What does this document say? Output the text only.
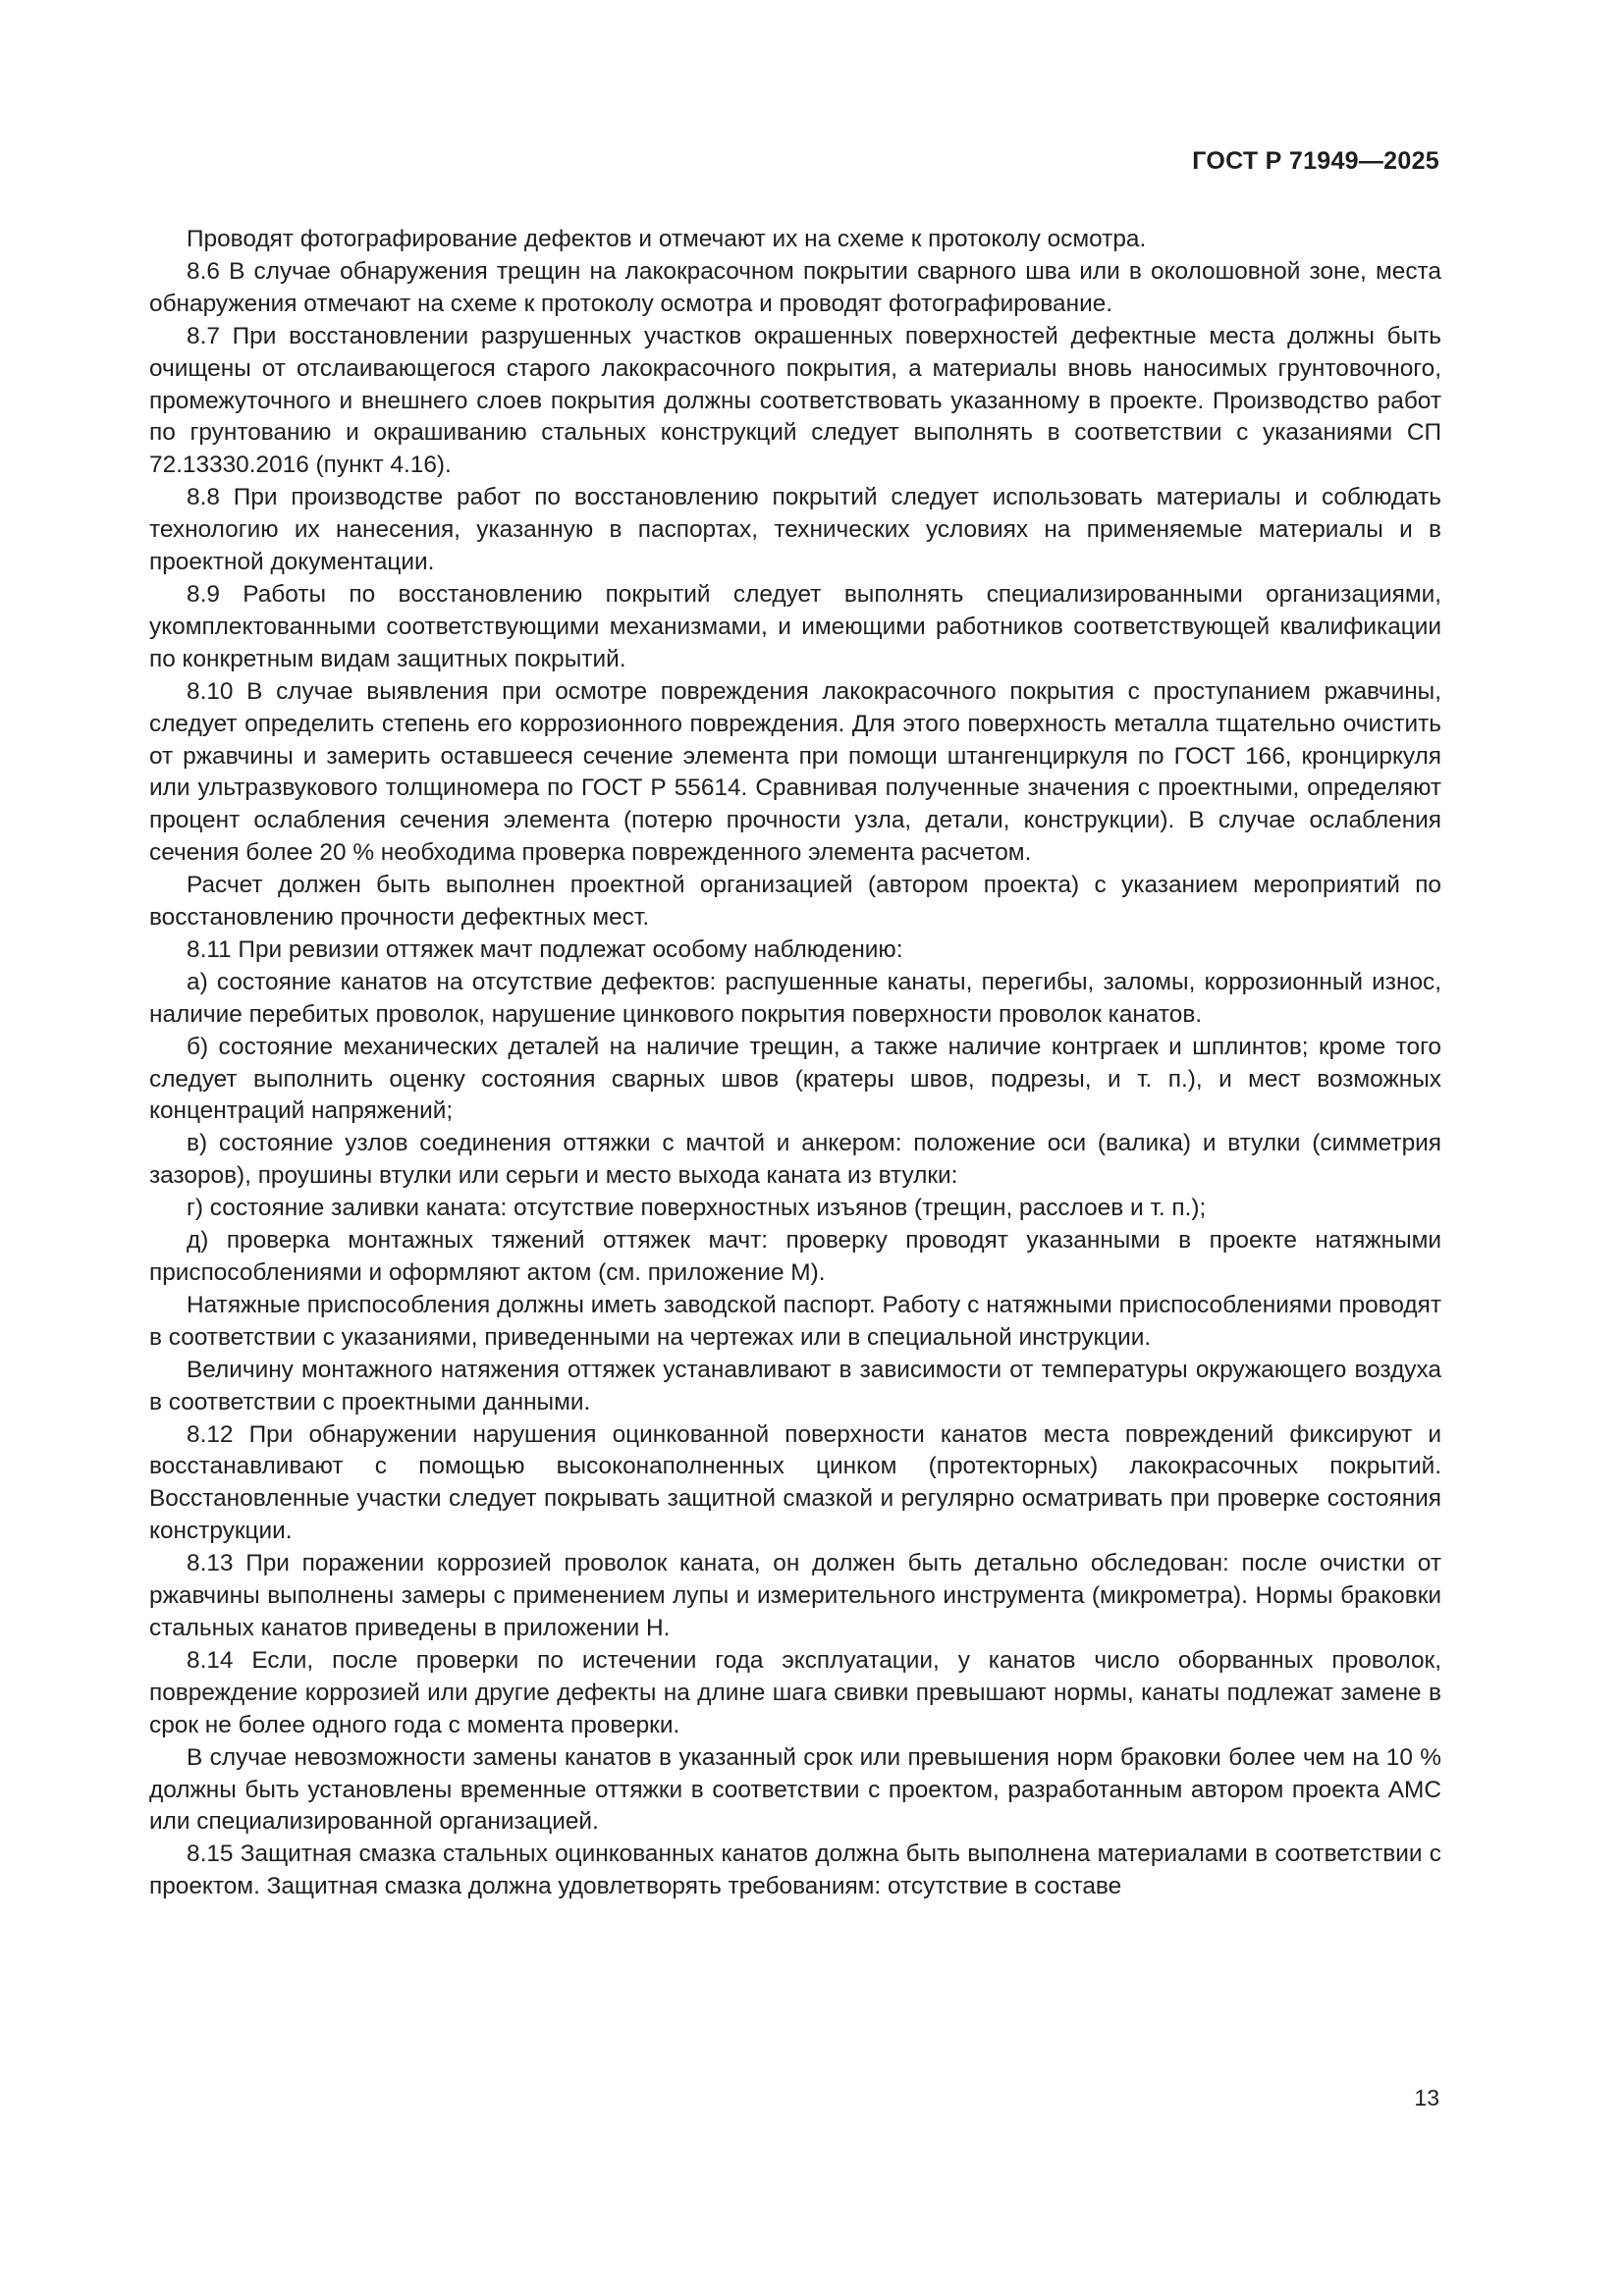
ГОСТ Р 71949—2025

Проводят фотографирование дефектов и отмечают их на схеме к протоколу осмотра.

8.6 В случае обнаружения трещин на лакокрасочном покрытии сварного шва или в околошовной зоне, места обнаружения отмечают на схеме к протоколу осмотра и проводят фотографирование.

8.7 При восстановлении разрушенных участков окрашенных поверхностей дефектные места должны быть очищены от отслаивающегося старого лакокрасочного покрытия, а материалы вновь наносимых грунтовочного, промежуточного и внешнего слоев покрытия должны соответствовать указанному в проекте. Производство работ по грунтованию и окрашиванию стальных конструкций следует выполнять в соответствии с указаниями СП 72.13330.2016 (пункт 4.16).

8.8 При производстве работ по восстановлению покрытий следует использовать материалы и соблюдать технологию их нанесения, указанную в паспортах, технических условиях на применяемые материалы и в проектной документации.

8.9 Работы по восстановлению покрытий следует выполнять специализированными организациями, укомплектованными соответствующими механизмами, и имеющими работников соответствующей квалификации по конкретным видам защитных покрытий.

8.10 В случае выявления при осмотре повреждения лакокрасочного покрытия с проступанием ржавчины, следует определить степень его коррозионного повреждения. Для этого поверхность металла тщательно очистить от ржавчины и замерить оставшееся сечение элемента при помощи штангенциркуля по ГОСТ 166, кронциркуля или ультразвукового толщиномера по ГОСТ Р 55614. Сравнивая полученные значения с проектными, определяют процент ослабления сечения элемента (потерю прочности узла, детали, конструкции). В случае ослабления сечения более 20 % необходима проверка поврежденного элемента расчетом.

Расчет должен быть выполнен проектной организацией (автором проекта) с указанием мероприятий по восстановлению прочности дефектных мест.

8.11 При ревизии оттяжек мачт подлежат особому наблюдению:

а) состояние канатов на отсутствие дефектов: распушенные канаты, перегибы, заломы, коррозионный износ, наличие перебитых проволок, нарушение цинкового покрытия поверхности проволок канатов.

б) состояние механических деталей на наличие трещин, а также наличие контргаек и шплинтов; кроме того следует выполнить оценку состояния сварных швов (кратеры швов, подрезы, и т. п.), и мест возможных концентраций напряжений;

в) состояние узлов соединения оттяжки с мачтой и анкером: положение оси (валика) и втулки (симметрия зазоров), проушины втулки или серьги и место выхода каната из втулки:

г) состояние заливки каната: отсутствие поверхностных изъянов (трещин, расслоев и т. п.);

д) проверка монтажных тяжений оттяжек мачт: проверку проводят указанными в проекте натяжными приспособлениями и оформляют актом (см. приложение М).

Натяжные приспособления должны иметь заводской паспорт. Работу с натяжными приспособлениями проводят в соответствии с указаниями, приведенными на чертежах или в специальной инструкции.

Величину монтажного натяжения оттяжек устанавливают в зависимости от температуры окружающего воздуха в соответствии с проектными данными.

8.12 При обнаружении нарушения оцинкованной поверхности канатов места повреждений фиксируют и восстанавливают с помощью высоконаполненных цинком (протекторных) лакокрасочных покрытий. Восстановленные участки следует покрывать защитной смазкой и регулярно осматривать при проверке состояния конструкции.

8.13 При поражении коррозией проволок каната, он должен быть детально обследован: после очистки от ржавчины выполнены замеры с применением лупы и измерительного инструмента (микрометра). Нормы браковки стальных канатов приведены в приложении Н.

8.14 Если, после проверки по истечении года эксплуатации, у канатов число оборванных проволок, повреждение коррозией или другие дефекты на длине шага свивки превышают нормы, канаты подлежат замене в срок не более одного года с момента проверки.

В случае невозможности замены канатов в указанный срок или превышения норм браковки более чем на 10 % должны быть установлены временные оттяжки в соответствии с проектом, разработанным автором проекта АМС или специализированной организацией.

8.15 Защитная смазка стальных оцинкованных канатов должна быть выполнена материалами в соответствии с проектом. Защитная смазка должна удовлетворять требованиям: отсутствие в составе

13
